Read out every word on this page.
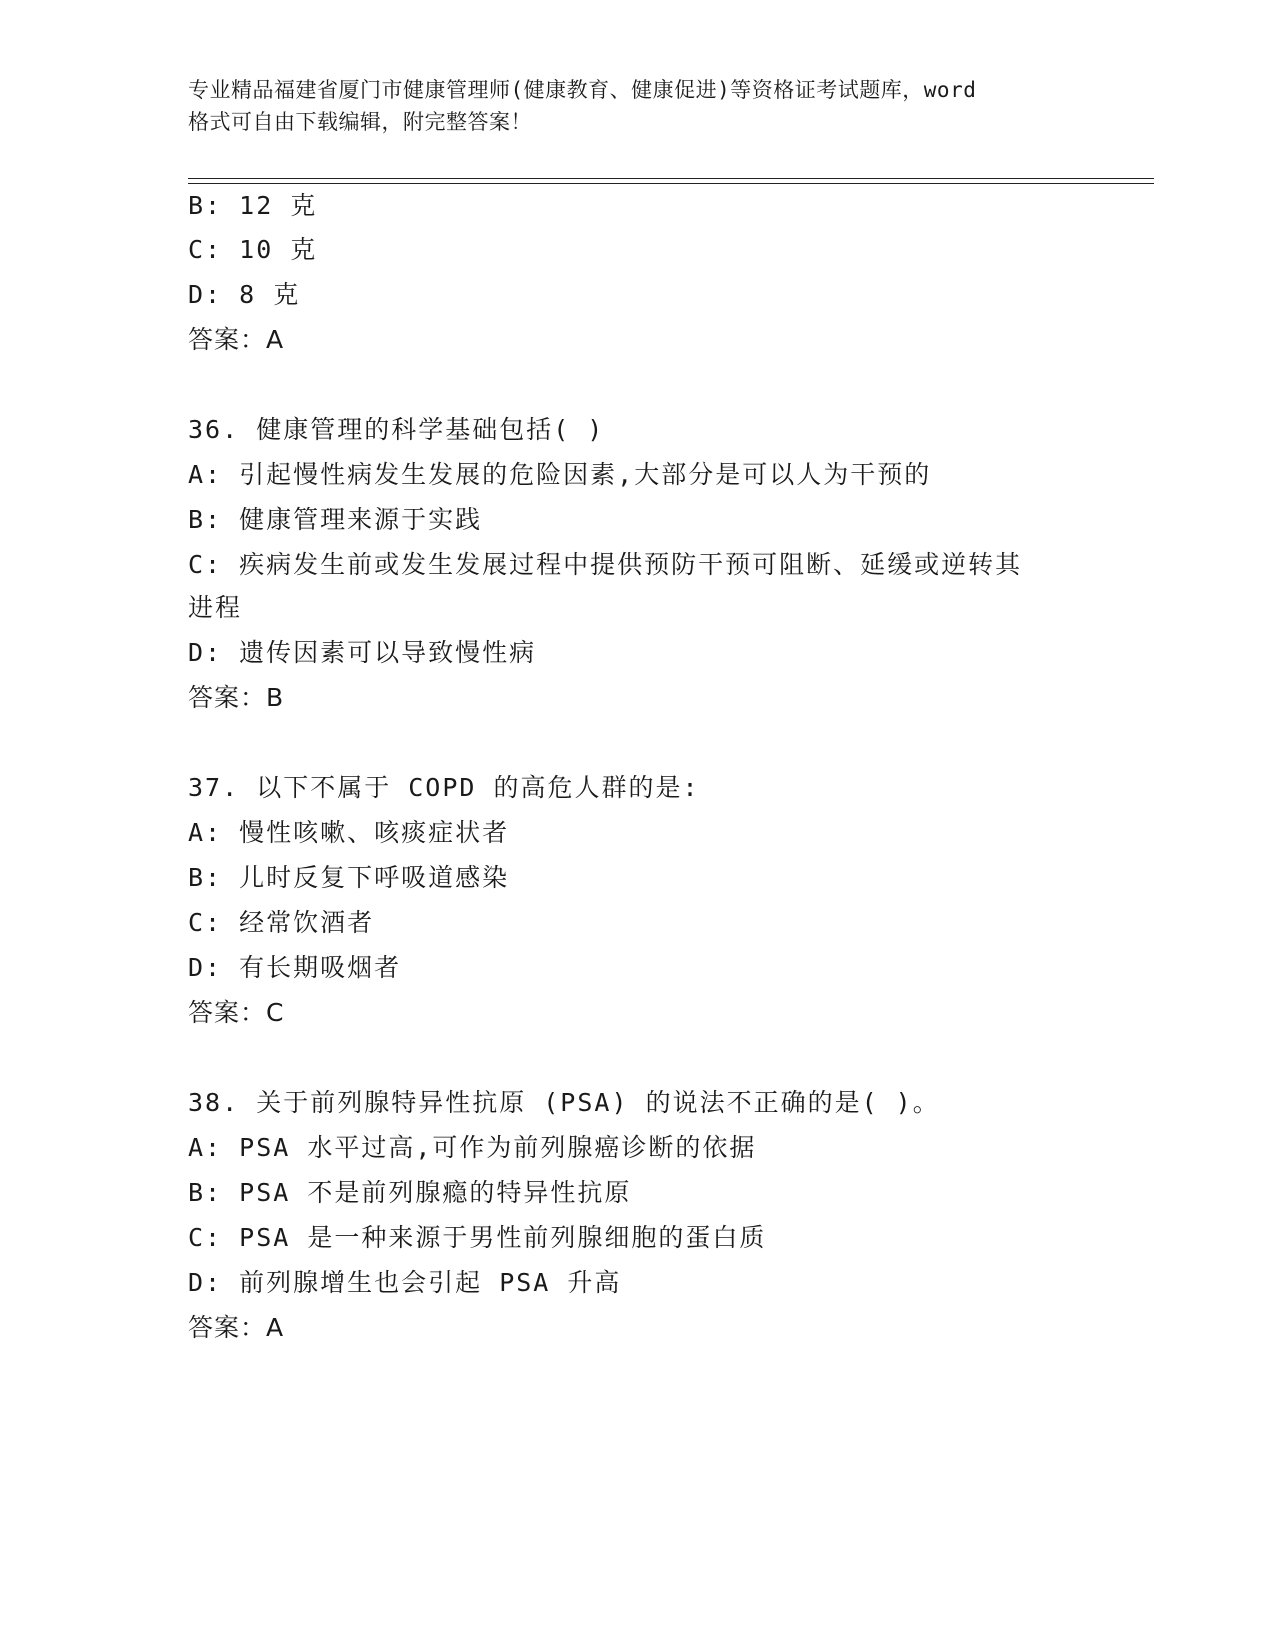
专业精品福建省厦门市健康管理师(健康教育、健康促进)等资格证考试题库，word
格式可自由下载编辑，附完整答案！
B: 12 克
C: 10 克
D: 8 克
答案：A
36. 健康管理的科学基础包括( )
A: 引起慢性病发生发展的危险因素,大部分是可以人为干预的
B: 健康管理来源于实践
C: 疾病发生前或发生发展过程中提供预防干预可阻断、延缓或逆转其
进程
D: 遗传因素可以导致慢性病
答案：B
37. 以下不属于 COPD 的高危人群的是:
A: 慢性咳嗽、咳痰症状者
B: 儿时反复下呼吸道感染
C: 经常饮酒者
D: 有长期吸烟者
答案：C
38. 关于前列腺特异性抗原 (PSA) 的说法不正确的是( )。
A: PSA 水平过高,可作为前列腺癌诊断的依据
B: PSA 不是前列腺瘾的特异性抗原
C: PSA 是一种来源于男性前列腺细胞的蛋白质
D: 前列腺增生也会引起 PSA 升高
答案：A
